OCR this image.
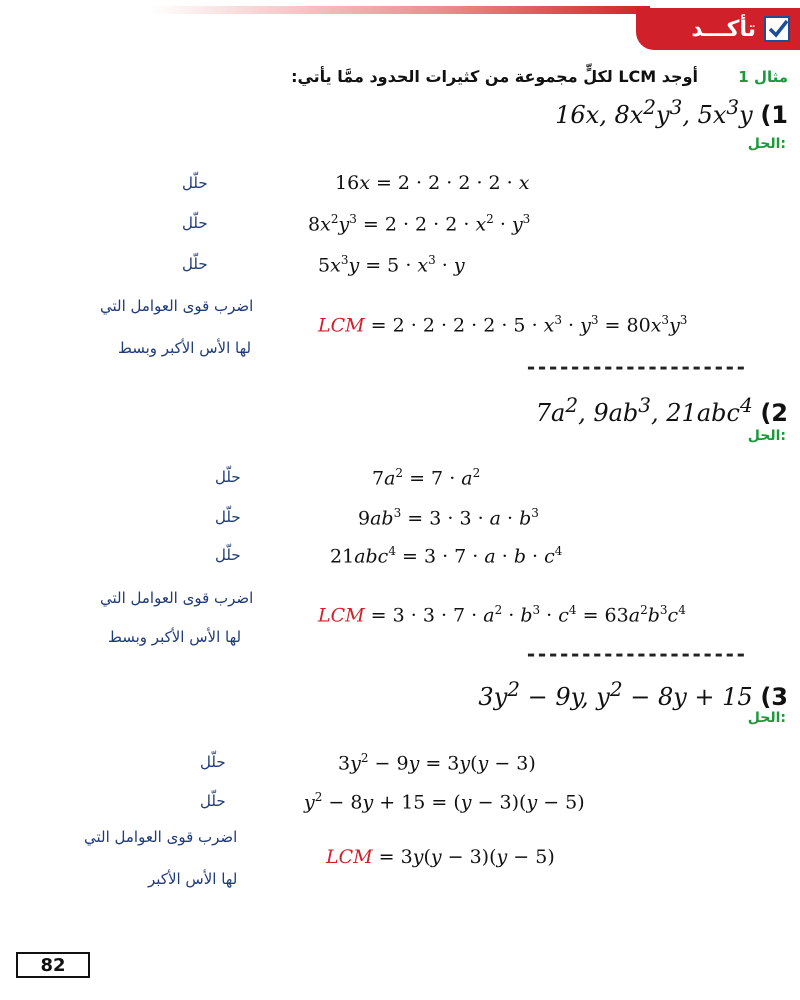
تأكـــد
مثال 1
أوجد LCM لكلٍّ مجموعة من كثيرات الحدود ممَّا يأتي:
16x, $8x^2y^3$, $5x^3y$ (1
الحل:
حلّل	16x = 2 · 2 · 2 · 2 · x
حلّل	$8x^2y^3 = 2 \cdot 2 \cdot 2 \cdot x^2 \cdot y^3$
حلّل	$5x^3y = 5 \cdot x^3 \cdot y$
اضرب قوى العوامل التي
لها الأس الأكبر وبسط
LCM = $2 \cdot 2 \cdot 2 \cdot 2 \cdot 5 \cdot x^3 \cdot y^3 = 80x^3y^3$
--------------------
$7a^2$, $9ab^3$, 21abc$^4$ (2
الحل:
حلّل	$7a^2 = 7 \cdot a^2$
حلّل	$9ab^3 = 3 \cdot 3 \cdot a \cdot b^3$
حلّل	$21abc^4 = 3 \cdot 7 \cdot a \cdot b \cdot c^4$
اضرب قوى العوامل التي
لها الأس الأكبر وبسط
LCM = $3 \cdot 3 \cdot 7 \cdot a^2 \cdot b^3 \cdot c^4 = 63a^2b^3c^4$
--------------------
$3y^2 - 9y$, $y^2 - 8y + 15$ (3
الحل:
حلّل	$3y^2 - 9y = 3y(y - 3)$
حلّل	$y^2 - 8y + 15 = (y - 3)(y - 5)$
اضرب قوى العوامل التي
لها الأس الأكبر
LCM = 3y(y − 3)(y − 5)
82
